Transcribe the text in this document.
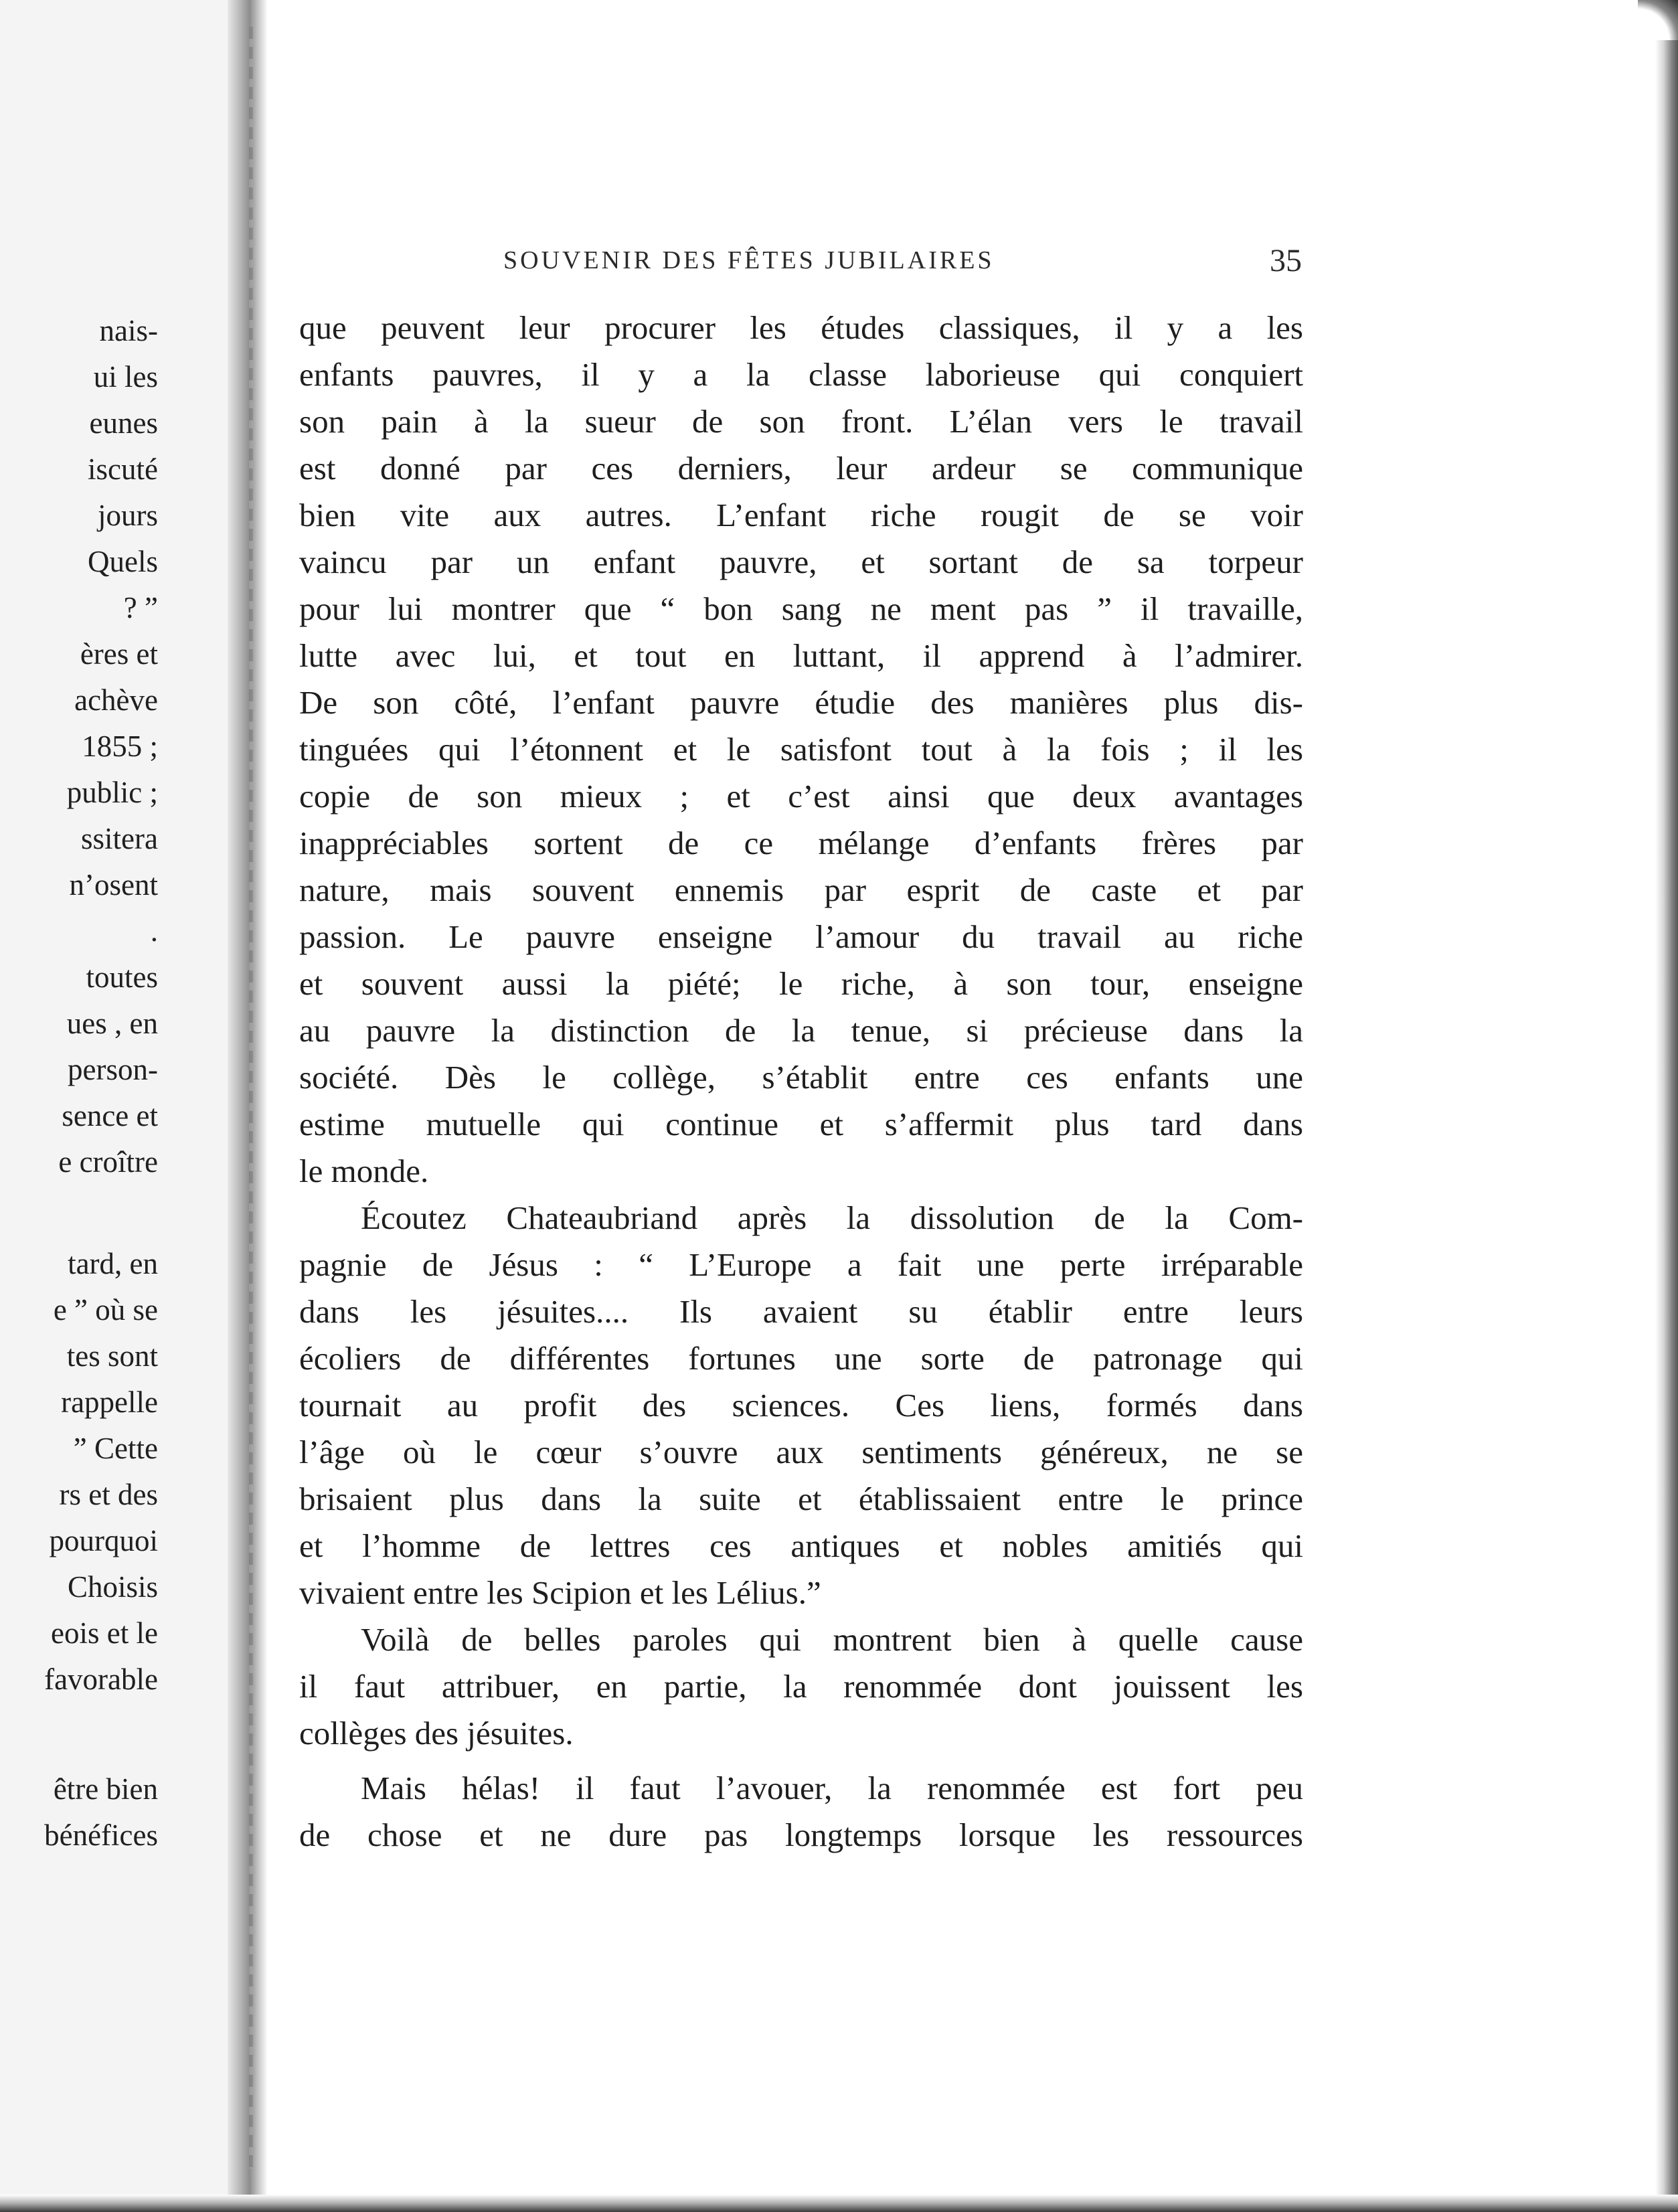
nais-
ui les
eunes
iscuté
jours
Quels
? ”
ères et
achève
1855 ;
public ;
ssitera
n’osent
.
toutes
ues , en
person-
sence et
e croître
tard, en
e ” où se
tes sont
rappelle
” Cette
rs et des
pourquoi
Choisis
eois et le
favorable
être bien
bénéfices
SOUVENIR DES FÊTES JUBILAIRES	35
que peuvent leur procurer les études classiques, il y a les
enfants pauvres, il y a la classe laborieuse qui conquiert
son pain à la sueur de son front. L’élan vers le travail
est donné par ces derniers, leur ardeur se communique
bien vite aux autres. L’enfant riche rougit de se voir
vaincu par un enfant pauvre, et sortant de sa torpeur
pour lui montrer que “ bon sang ne ment pas ” il travaille,
lutte avec lui, et tout en luttant, il apprend à l’admirer.
De son côté, l’enfant pauvre étudie des manières plus dis-
tinguées qui l’étonnent et le satisfont tout à la fois ; il les
copie de son mieux ; et c’est ainsi que deux avantages
inappréciables sortent de ce mélange d’enfants frères par
nature, mais souvent ennemis par esprit de caste et par
passion. Le pauvre enseigne l’amour du travail au riche
et souvent aussi la piété; le riche, à son tour, enseigne
au pauvre la distinction de la tenue, si précieuse dans la
société. Dès le collège, s’établit entre ces enfants une
estime mutuelle qui continue et s’affermit plus tard dans
le monde.
Écoutez Chateaubriand après la dissolution de la Com-
pagnie de Jésus : “ L’Europe a fait une perte irréparable
dans les jésuites.... Ils avaient su établir entre leurs
écoliers de différentes fortunes une sorte de patronage qui
tournait au profit des sciences. Ces liens, formés dans
l’âge où le cœur s’ouvre aux sentiments généreux, ne se
brisaient plus dans la suite et établissaient entre le prince
et l’homme de lettres ces antiques et nobles amitiés qui
vivaient entre les Scipion et les Lélius.”
Voilà de belles paroles qui montrent bien à quelle cause
il faut attribuer, en partie, la renommée dont jouissent les
collèges des jésuites.
Mais hélas! il faut l’avouer, la renommée est fort peu
de chose et ne dure pas longtemps lorsque les ressources
